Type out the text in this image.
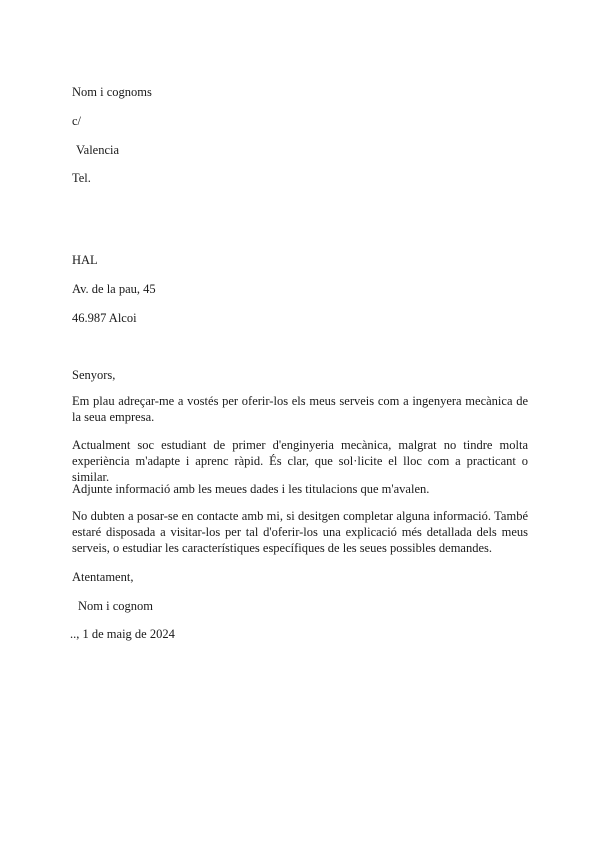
Nom i cognoms
c/
Valencia
Tel.
HAL
Av. de la pau, 45
46.987 Alcoi
Senyors,
Em plau adreçar-me a vostés per oferir-los els meus serveis com a ingenyera mecànica de la seua empresa.
Actualment soc estudiant de primer d'enginyeria mecànica, malgrat no tindre molta experiència m'adapte i aprenc ràpid. És clar, que sol·licite el lloc com a practicant o similar.
Adjunte informació amb les meues dades i les titulacions que m'avalen.
No dubten a posar-se en contacte amb mi, si desitgen completar alguna informació. També estaré disposada a visitar-los per tal d'oferir-los una explicació més detallada dels meus serveis, o estudiar les característiques específiques de les seues possibles demandes.
Atentament,
Nom i cognom
.., 1 de maig de 2024
